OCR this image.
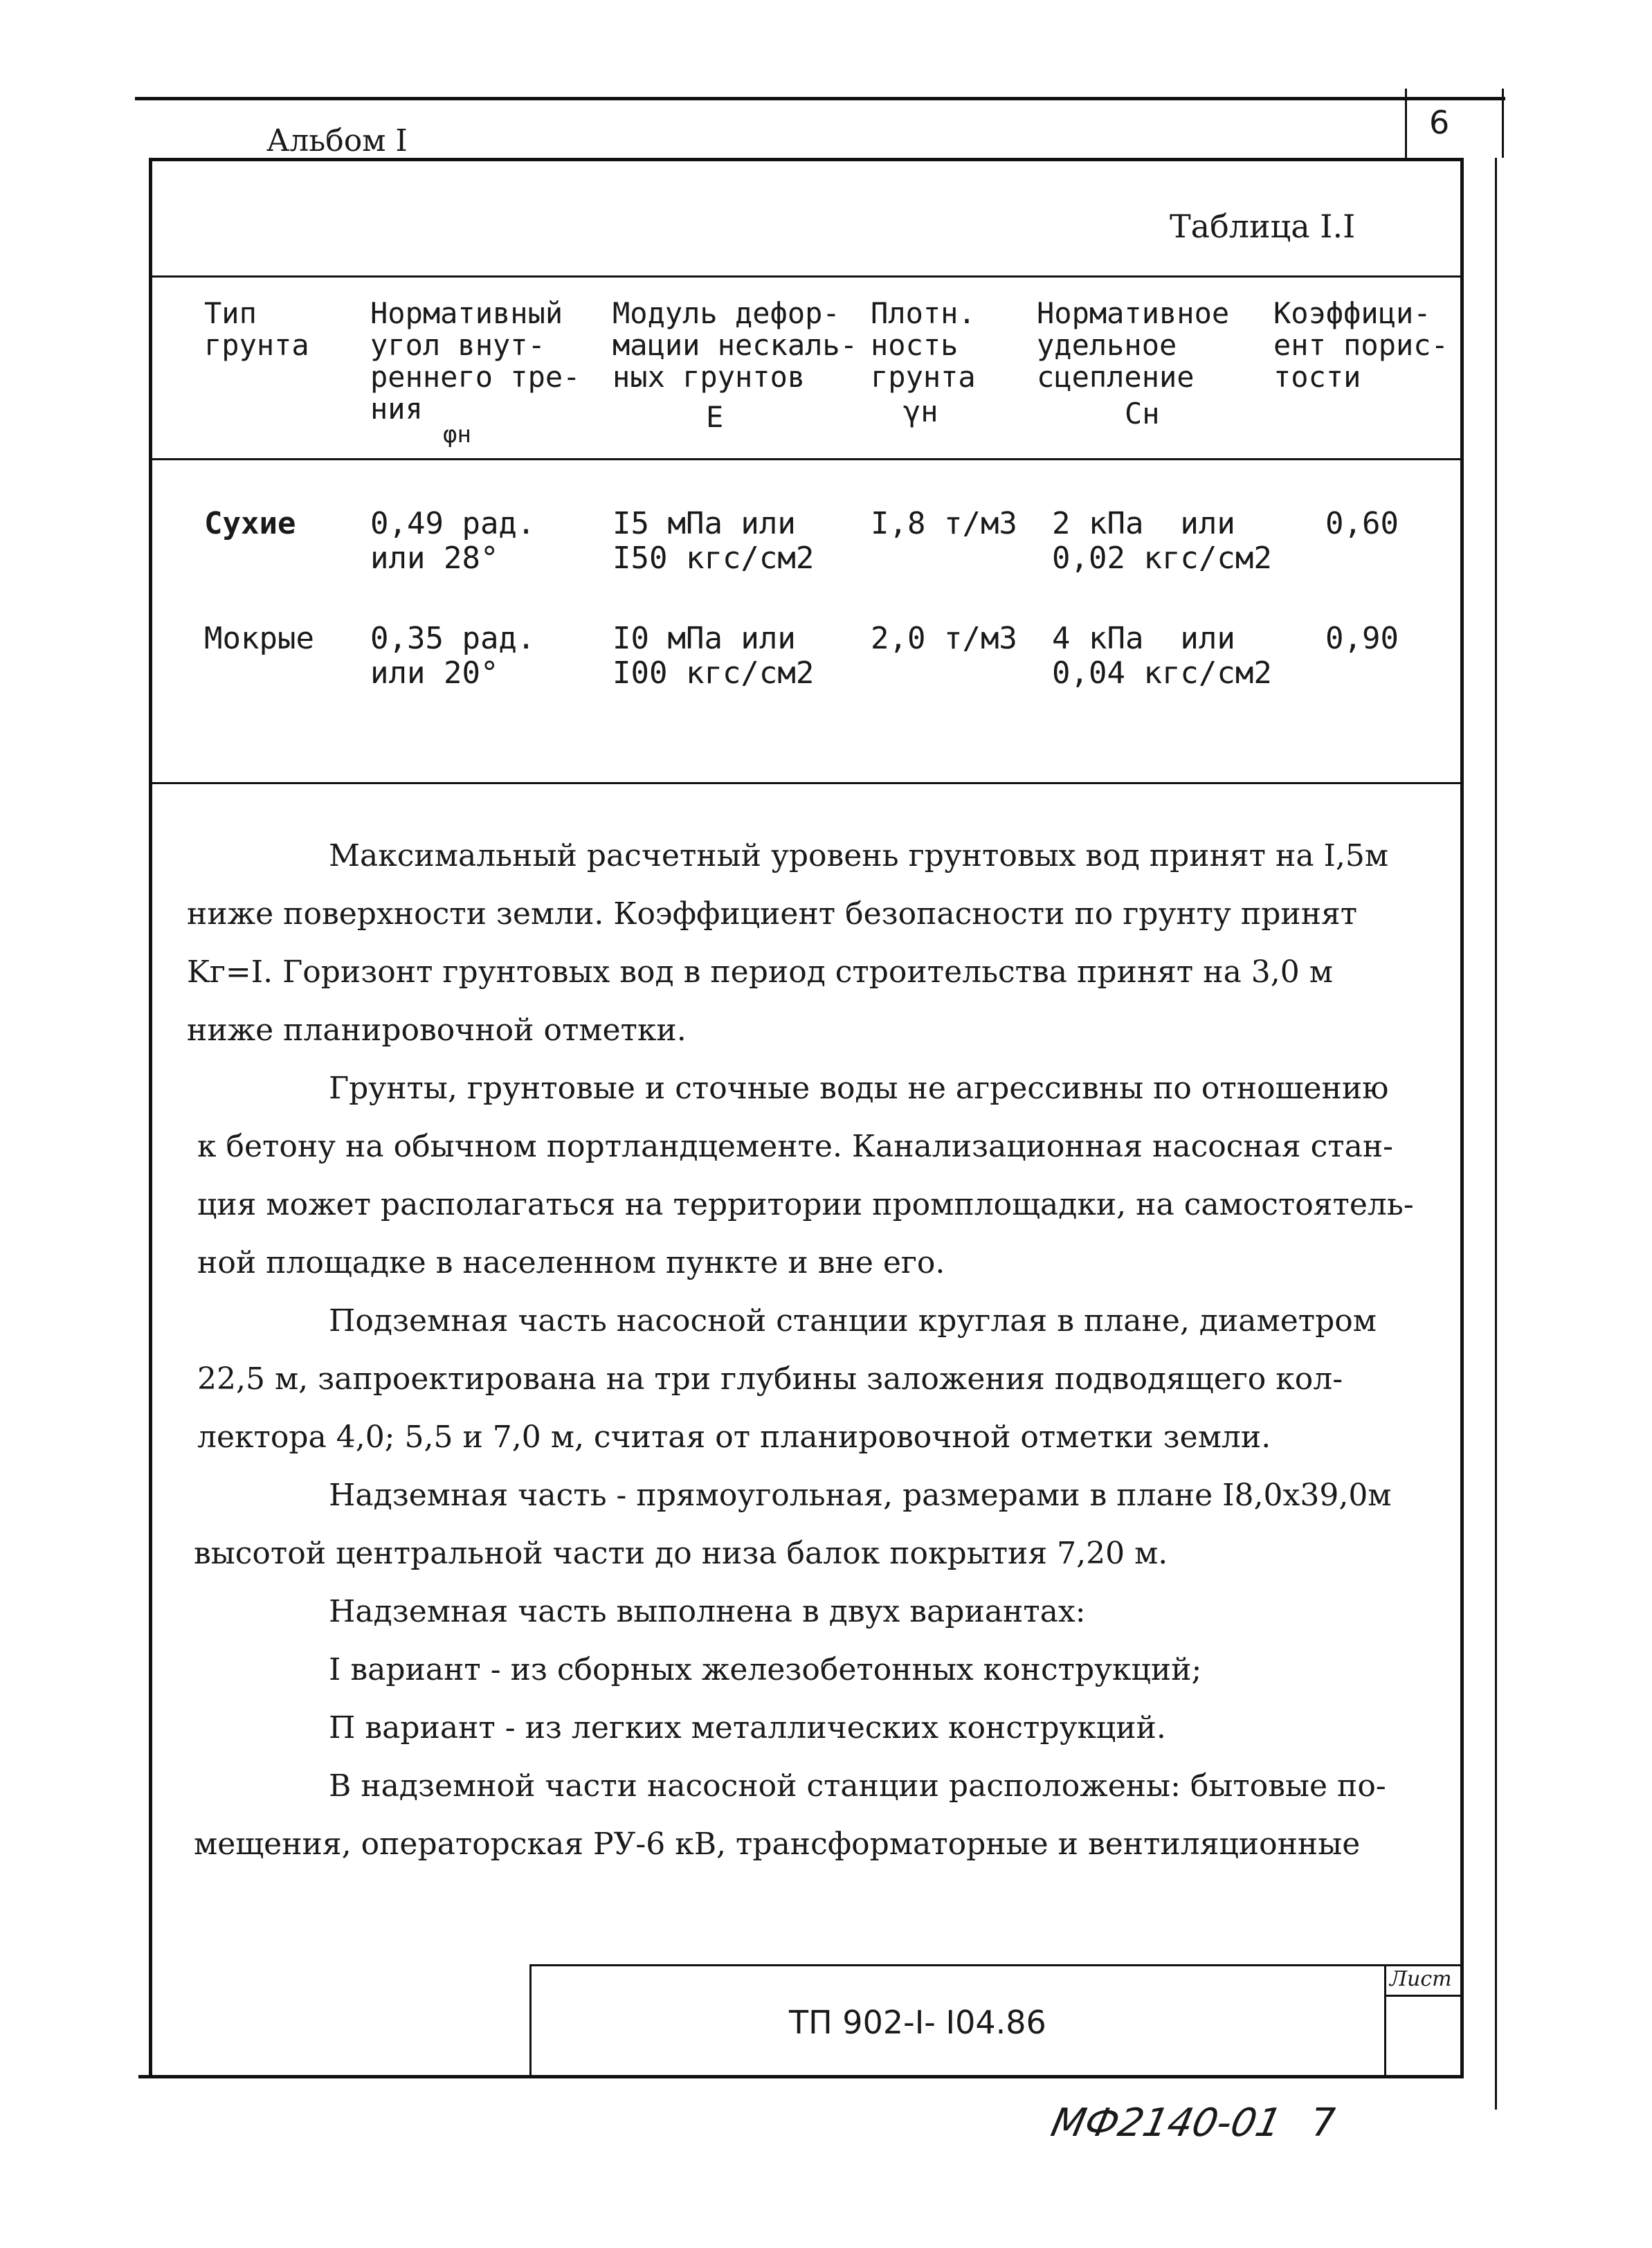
Альбом I	6
Таблица I.I
Тип
грунта
Нормативный
угол внут-
реннего тре-
ния
φн
Модуль дефор-
мации нескаль-
ных грунтов
E
Плотн.
ность
грунта
γн
Нормативное
удельное
сцепление
Cн
Коэффици-
ент порис-
тости
Сухие 0,49 рад.
или 28°
I5 мПа или
I50 кгс/см2
I,8 т/м3 2 кПа  или
0,02 кгс/см2
0,60
Мокрые 0,35 рад.
или 20°
I0 мПа или
I00 кгс/см2
2,0 т/м3 4 кПа  или
0,04 кгс/см2
0,90

Максимальный расчетный уровень грунтовых вод принят на I,5м

ниже поверхности земли. Коэффициент безопасности по грунту принят

Kг=I. Горизонт грунтовых вод в период строительства принят на 3,0 м

ниже планировочной отметки.

Грунты, грунтовые и сточные воды не агрессивны по отношению

к бетону на обычном портландцементе. Канализационная насосная стан-

ция может располагаться на территории промплощадки, на самостоятель-

ной площадке в населенном пункте и вне его.

Подземная часть насосной станции круглая в плане, диаметром

22,5 м, запроектирована на три глубины заложения подводящего кол-

лектора 4,0; 5,5 и 7,0 м, считая от планировочной отметки земли.

Надземная часть - прямоугольная, размерами в плане I8,0х39,0м

высотой центральной части до низа балок покрытия 7,20 м.

Надземная часть выполнена в двух вариантах:

I вариант - из сборных железобетонных конструкций;

П вариант - из легких металлических конструкций.

В надземной части насосной станции расположены: бытовые по-

мещения, операторская РУ-6 кВ, трансформаторные и вентиляционные

ТП 902-I- I04.86
Лист
МФ2140-01 7
